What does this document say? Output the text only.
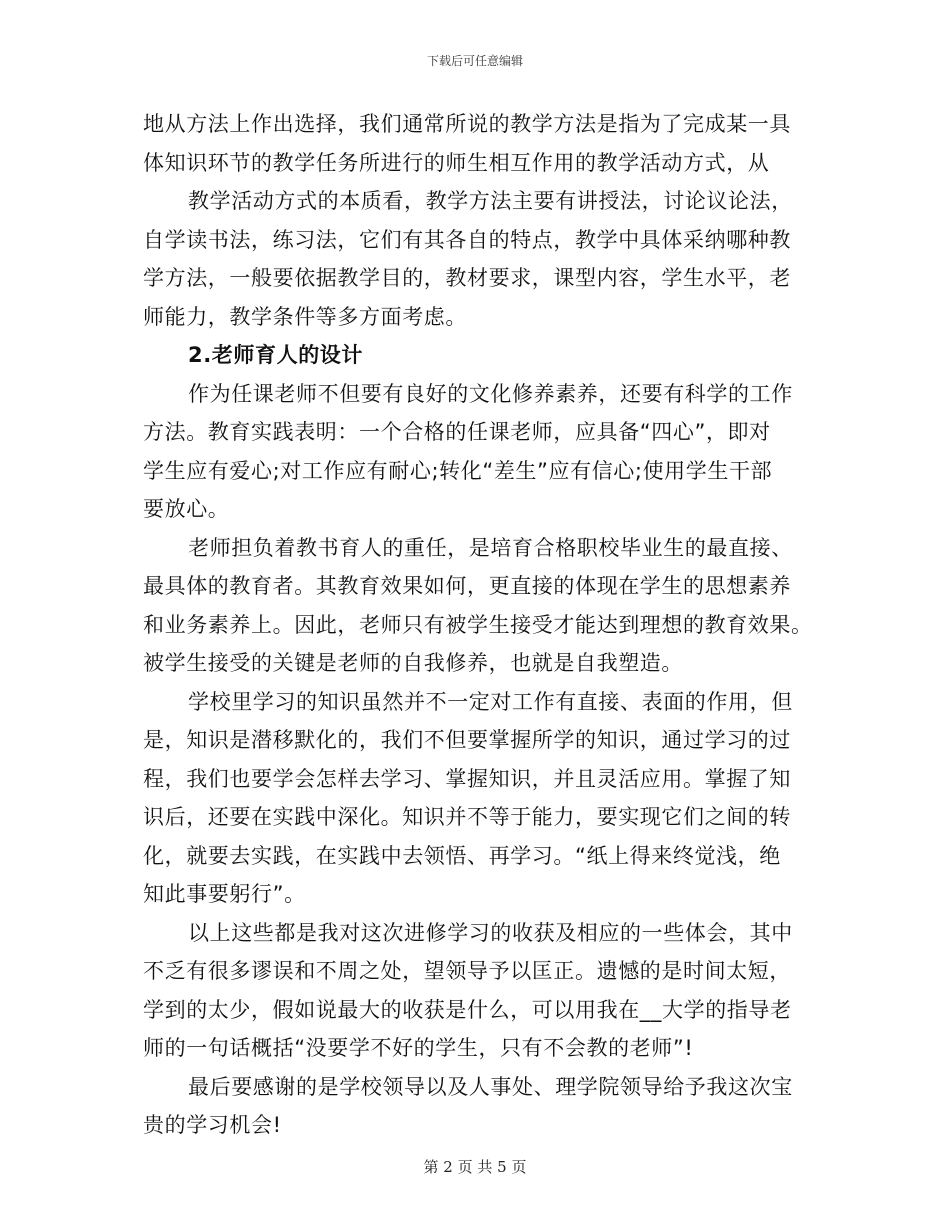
下载后可任意编辑
地从方法上作出选择，我们通常所说的教学方法是指为了完成某一具
体知识环节的教学任务所进行的师生相互作用的教学活动方式，从
教学活动方式的本质看，教学方法主要有讲授法，讨论议论法，
自学读书法，练习法，它们有其各自的特点，教学中具体采纳哪种教
学方法，一般要依据教学目的，教材要求，课型内容，学生水平，老
师能力，教学条件等多方面考虑。
2.老师育人的设计
作为任课老师不但要有良好的文化修养素养，还要有科学的工作
方法。教育实践表明：一个合格的任课老师，应具备“四心”，即对
学生应有爱心;对工作应有耐心;转化“差生”应有信心;使用学生干部
要放心。
老师担负着教书育人的重任，是培育合格职校毕业生的最直接、
最具体的教育者。其教育效果如何，更直接的体现在学生的思想素养
和业务素养上。因此，老师只有被学生接受才能达到理想的教育效果。
被学生接受的关键是老师的自我修养，也就是自我塑造。
学校里学习的知识虽然并不一定对工作有直接、表面的作用，但
是，知识是潜移默化的，我们不但要掌握所学的知识，通过学习的过
程，我们也要学会怎样去学习、掌握知识，并且灵活应用。掌握了知
识后，还要在实践中深化。知识并不等于能力，要实现它们之间的转
化，就要去实践，在实践中去领悟、再学习。“纸上得来终觉浅，绝
知此事要躬行”。
以上这些都是我对这次进修学习的收获及相应的一些体会，其中
不乏有很多谬误和不周之处，望领导予以匡正。遗憾的是时间太短，
学到的太少，假如说最大的收获是什么，可以用我在__大学的指导老
师的一句话概括“没要学不好的学生，只有不会教的老师”!
最后要感谢的是学校领导以及人事处、理学院领导给予我这次宝
贵的学习机会!
第 2 页 共 5 页
